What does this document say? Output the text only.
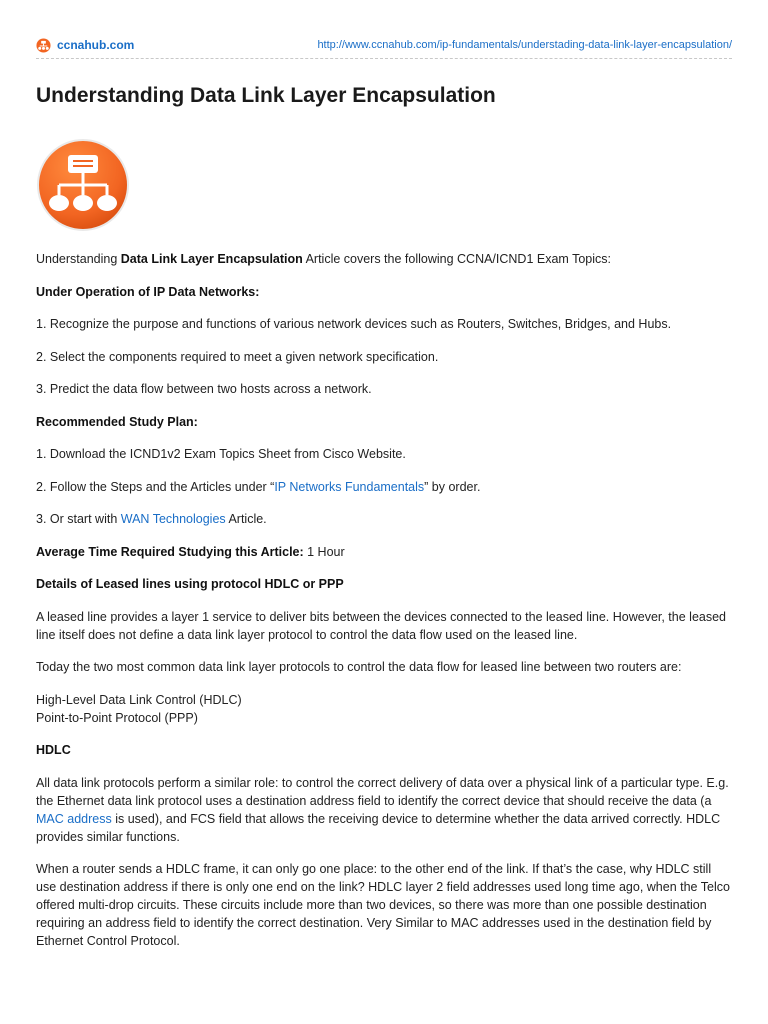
ccnahub.com	http://www.ccnahub.com/ip-fundamentals/understading-data-link-layer-encapsulation/
Understanding Data Link Layer Encapsulation

Understanding Data Link Layer Encapsulation Article covers the following CCNA/ICND1 Exam Topics:

Under Operation of IP Data Networks:

1. Recognize the purpose and functions of various network devices such as Routers, Switches, Bridges, and Hubs.

2. Select the components required to meet a given network specification.

3. Predict the data flow between two hosts across a network.

Recommended Study Plan:

1. Download the ICND1v2 Exam Topics Sheet from Cisco Website.

2. Follow the Steps and the Articles under “IP Networks Fundamentals” by order.

3. Or start with WAN Technologies Article.

Average Time Required Studying this Article: 1 Hour

Details of Leased lines using protocol HDLC or PPP

A leased line provides a layer 1 service to deliver bits between the devices connected to the leased line. However, the leased line itself does not define a data link layer protocol to control the data flow used on the leased line.

Today the two most common data link layer protocols to control the data flow for leased line between two routers are:

High-Level Data Link Control (HDLC)
Point-to-Point Protocol (PPP)

HDLC

All data link protocols perform a similar role: to control the correct delivery of data over a physical link of a particular type. E.g. the Ethernet data link protocol uses a destination address field to identify the correct device that should receive the data (a MAC address is used), and FCS field that allows the receiving device to determine whether the data arrived correctly. HDLC provides similar functions.

When a router sends a HDLC frame, it can only go one place: to the other end of the link. If that’s the case, why HDLC still use destination address if there is only one end on the link? HDLC layer 2 field addresses used long time ago, when the Telco offered multi-drop circuits. These circuits include more than two devices, so there was more than one possible destination requiring an address field to identify the correct destination. Very Similar to MAC addresses used in the destination field by Ethernet Control Protocol.
